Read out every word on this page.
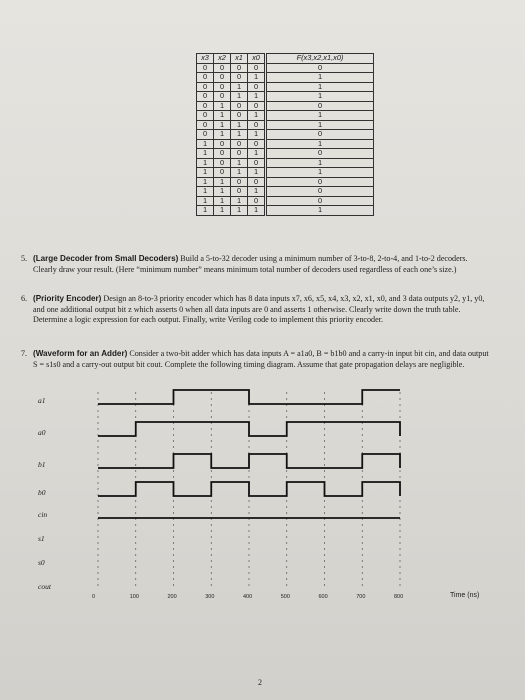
x3	x2	x1	x0	F(x3,x2,x1,x0)
0	0	0	0	0
0	0	0	1	1
0	0	1	0	1
0	0	1	1	1
0	1	0	0	0
0	1	0	1	1
0	1	1	0	1
0	1	1	1	0
1	0	0	0	1
1	0	0	1	0
1	0	1	0	1
1	0	1	1	1
1	1	0	0	0
1	1	0	1	0
1	1	1	0	0
1	1	1	1	1
5. (Large Decoder from Small Decoders) Build a 5-to-32 decoder using a minimum number of 3-to-8, 2-to-4, and 1-to-2 decoders. Clearly draw your result. (Here “minimum number” means minimum total number of decoders used regardless of each one’s size.)
6. (Priority Encoder) Design an 8-to-3 priority encoder which has 8 data inputs x7, x6, x5, x4, x3, x2, x1, x0, and 3 data outputs y2, y1, y0, and one additional output bit z which asserts 0 when all data inputs are 0 and asserts 1 otherwise. Clearly write down the truth table. Determine a logic expression for each output. Finally, write Verilog code to implement this priority encoder.
7. (Waveform for an Adder) Consider a two-bit adder which has data inputs A = a1a0, B = b1b0 and a carry-in input bit cin, and data output S = s1s0 and a carry-out output bit cout. Complete the following timing diagram. Assume that gate propagation delays are negligible.
a1
a0
b1
b0
cin
s1
s0
cout
0	100	200	300	400	500	600	700	800	Time (ns)
2
